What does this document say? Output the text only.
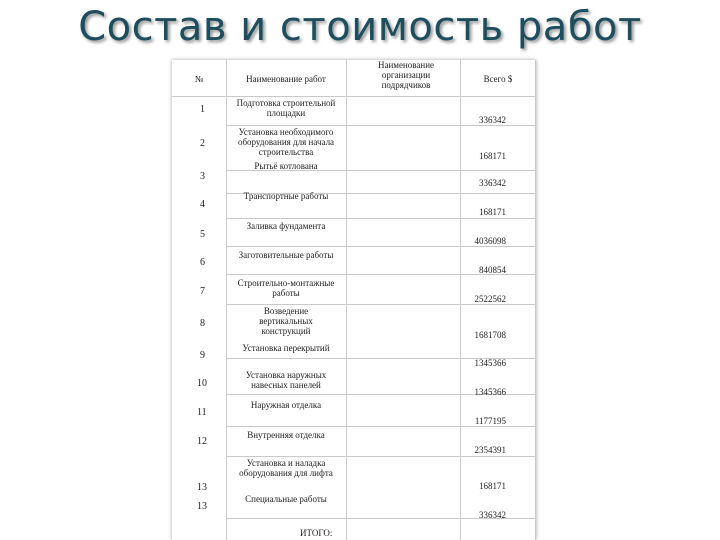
Состав и стоимость работ
№	Наименование работ
Наименование организации подрядчиков
Всего $
1
2
3
4
5
6
7
8
9
10
11
12
13
13
Подготовка строительной площадки
Установка необходимого оборудования для начала строительства
Рытьё котлована
Транспортные работы
Заливка фундамента
Заготовительные работы
Строительно-монтажные работы
Возведение вертикальных конструкций
Установка перекрытий
Установка наружных навесных панелей
Наружная отделка
Внутренняя отделка
Установка и наладка оборудования для лифта
Специальные работы
336342
168171
336342
168171
4036098
840854
2522562
1681708
1345366
1345366
1177195
2354391
168171
336342
ИТОГО:
